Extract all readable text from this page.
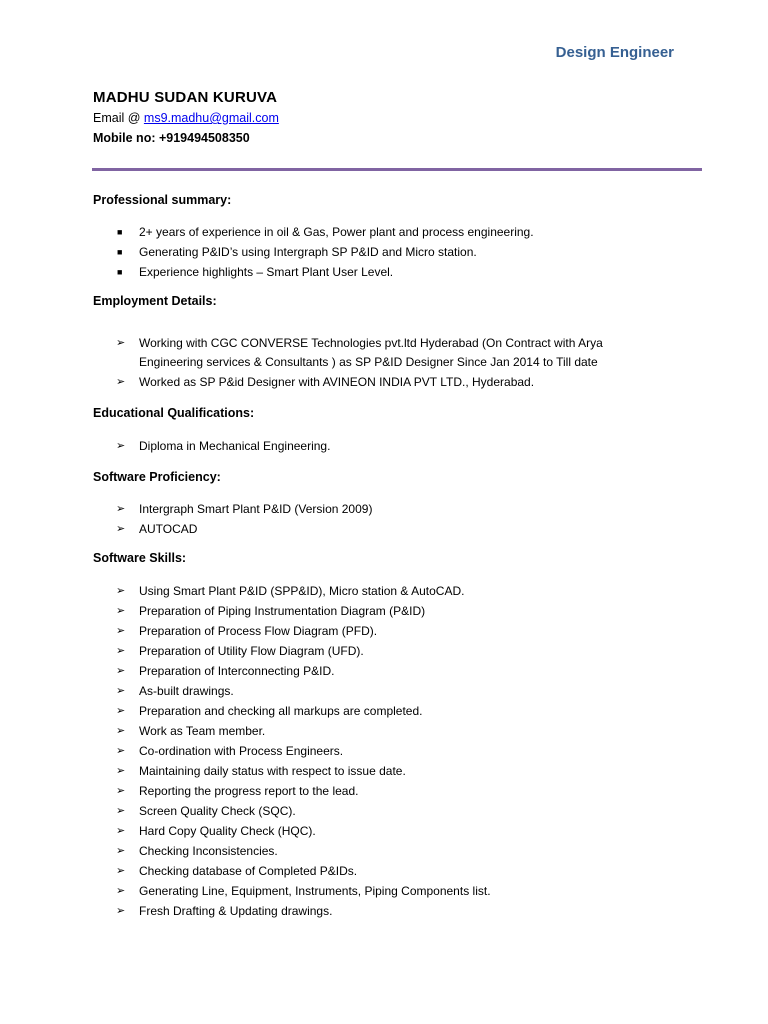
Design Engineer
MADHU SUDAN KURUVA
Email @ ms9.madhu@gmail.com
Mobile no: +919494508350
Professional summary:
■ 2+ years of experience in oil & Gas, Power plant and process engineering.
■ Generating P&ID’s using Intergraph SP P&ID and Micro station.
■ Experience highlights – Smart Plant User Level.
Employment Details:
➢ Working with CGC CONVERSE Technologies pvt.ltd Hyderabad (On Contract with Arya Engineering services & Consultants ) as SP P&ID Designer Since Jan 2014 to Till date
➢ Worked as SP P&id Designer with AVINEON INDIA PVT LTD., Hyderabad.
Educational Qualifications:
➢ Diploma in Mechanical Engineering.
Software Proficiency:
➢ Intergraph Smart Plant P&ID (Version 2009)
➢ AUTOCAD
Software Skills:
➢ Using Smart Plant P&ID (SPP&ID), Micro station & AutoCAD.
➢ Preparation of Piping Instrumentation Diagram (P&ID)
➢ Preparation of Process Flow Diagram (PFD).
➢ Preparation of Utility Flow Diagram (UFD).
➢ Preparation of Interconnecting P&ID.
➢ As-built drawings.
➢ Preparation and checking all markups are completed.
➢ Work as Team member.
➢ Co-ordination with Process Engineers.
➢ Maintaining daily status with respect to issue date.
➢ Reporting the progress report to the lead.
➢ Screen Quality Check (SQC).
➢ Hard Copy Quality Check (HQC).
➢ Checking Inconsistencies.
➢ Checking database of Completed P&IDs.
➢ Generating Line, Equipment, Instruments, Piping Components list.
➢ Fresh Drafting & Updating drawings.
